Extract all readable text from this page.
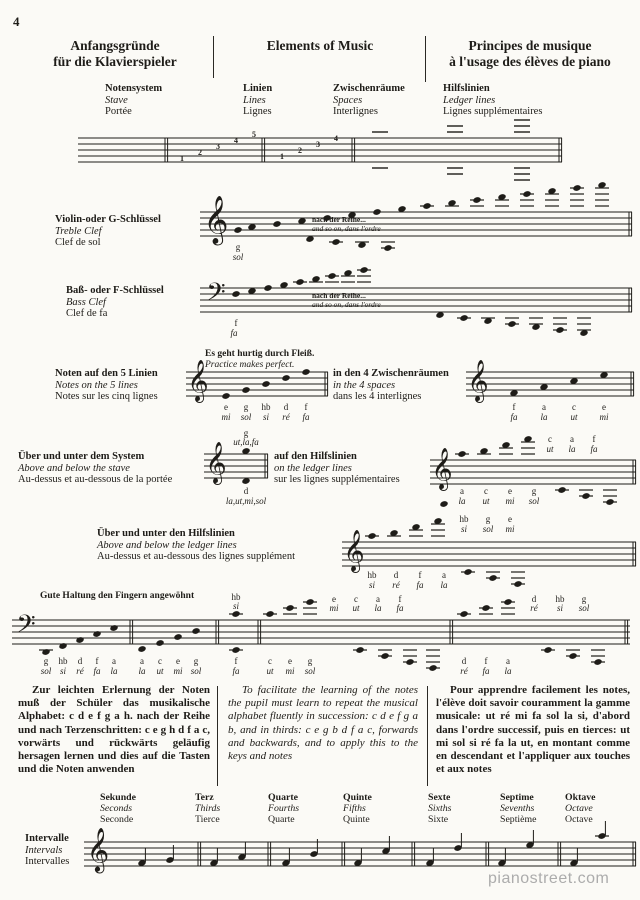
4
Anfangsgründe
für die Klavierspieler
Elements of Music	Principes de musique
à l'usage des élèves de piano
Notensystem
Stave
Portée
Linien
Lines
Lignes
Zwischenräume
Spaces
Interlignes
Hilfslinien
Ledger lines
Lignes supplémentaires
Violin-oder G-Schlüssel
Treble Clef
Clef de sol
Baß- oder F-Schlüssel
Bass Clef
Clef de fa
Es geht hurtig durch Fleiß.
Practice makes perfect.
Noten auf den 5 Linien
Notes on the 5 lines
Notes sur les cinq lignes
in den 4 Zwischenräumen
in the 4 spaces
dans les 4 interlignes
Über und unter dem System
Above and below the stave
Au-dessus et au-dessous de la portée
auf den Hilfslinien
on the ledger lines
sur les lignes supplémentaires
Über und unter den Hilfslinien
Above and below the ledger lines
Au-dessus et au-dessous des lignes supplément
Gute Haltung den Fingern angewöhnt
Zur leichten Erlernung der Noten muß der Schüler das musikalische Alphabet: c d e f g a h. nach der Reihe und nach Terzenschritten: c e g h d f a c, vorwärts und rückwärts geläufig hersagen lernen und dies auf die Tasten und die Noten anwenden
To facilitate the learning of the notes the pupil must learn to repeat the musical alphabet fluently in succession: c d e f g a b, and in thirds: c e g b d f a c, forwards and backwards, and to apply this to the keys and notes
Pour apprendre facilement les notes, l'élève doit savoir couramment la gamme musicale: ut ré mi fa sol la si, d'abord dans l'ordre successif, puis en tierces: ut mi sol si ré fa la ut, en montant comme en descendant et l'appliquer aux touches et aux notes
Sekunde
Seconds
Seconde
Terz
Thirds
Tierce
Quarte
Fourths
Quarte
Quinte
Fifths
Quinte
Sexte
Sixths
Sixte
Septime
Sevenths
Septième
Oktave
Octave
Octave
Intervalle
Intervals
Intervalles
pianostreet.com
1
2
3
4
5
1
2
3
4
𝄞	nach der Reihe...
and so on, dans l'ordre
g
sol
𝄢	nach der Reihe...
and so on, dans l'ordre
f
fa
𝄞
e g hb d f
mi sol si ré fa
𝄞
f	a	c	e
fa	la	ut mi
𝄞
g
ut,la,fa
d
la,ut,mi,sol
𝄞
c a f
ut la fa
a c e g
la ut mi sol
𝄞
hb g e
si sol mi
hb d f a
si ré fa la
𝄢
g hb d f a
sol si ré fa la
a c e g
la ut mi sol
hb
si
f
fa
c e g
ut mi sol
e c a f
mi ut la fa
d f a
ré fa la
d hb g
ré si sol
𝄞
